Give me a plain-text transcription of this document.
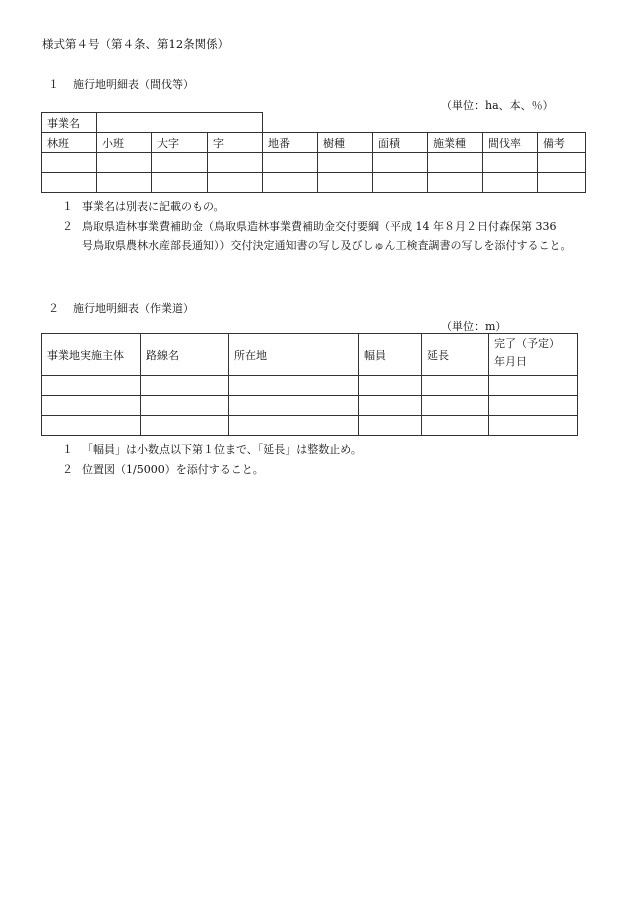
様式第４号（第４条、第12条関係）
１ 施行地明細表（間伐等）
（単位：ha、本、％）
事業名									
林班	小班	大字	字	地番	樹種	面積	施業種	間伐率	備考

１ 事業名は別表に記載のもの。
２ 鳥取県造林事業費補助金（鳥取県造林事業費補助金交付要綱（平成 14 年８月２日付森保第 336
号鳥取県農林水産部長通知））交付決定通知書の写し及びしゅん工検査調書の写しを添付すること。
２ 施行地明細表（作業道）
（単位：m）
事業地実施主体	路線名	所在地	幅員	延長	完了（予定）
年月日

１ 「幅員」は小数点以下第１位まで、「延長」は整数止め。
２ 位置図（1/5000）を添付すること。
